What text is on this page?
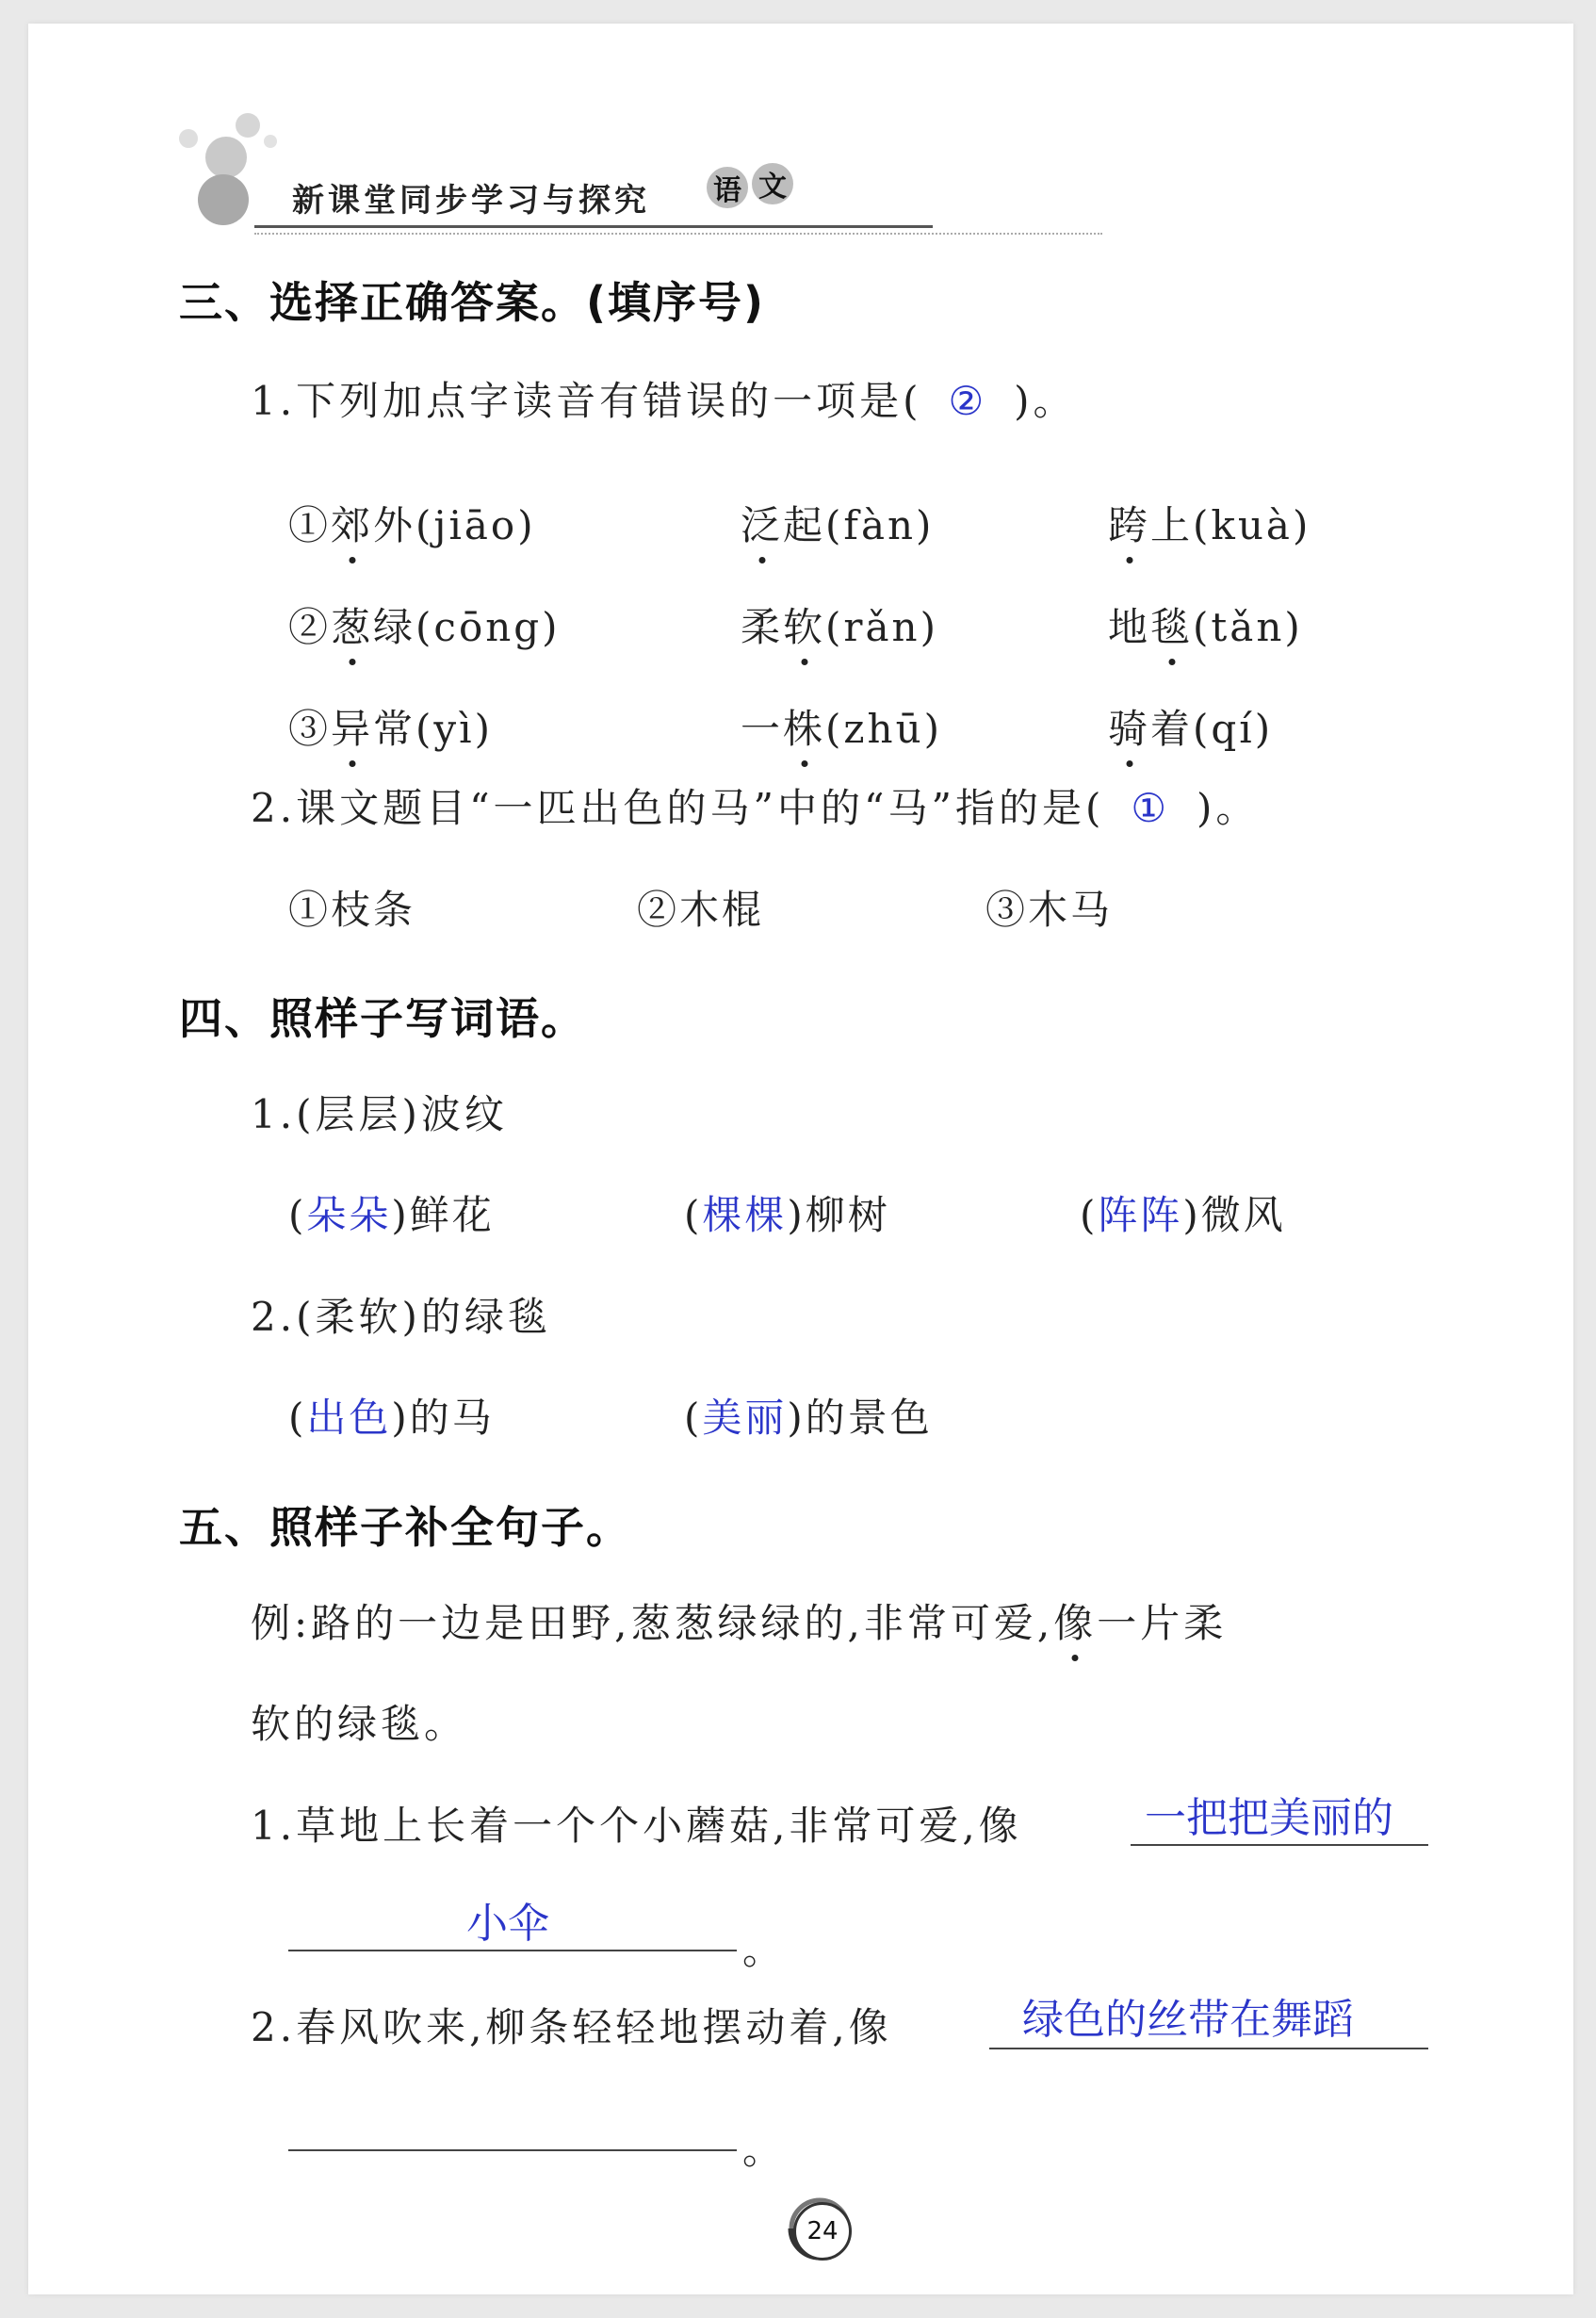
新课堂同步学习与探究 语 文
三、选择正确答案。(填序号)
1.下列加点字读音有错误的一项是( ② )。
①郊外(jiāo)	泛起(fàn)	跨上(kuà)
②葱绿(cōng)	柔软(rǎn)	地毯(tǎn)
③异常(yì)	一株(zhū)	骑着(qí)
2.课文题目“一匹出色的马”中的“马”指的是( ① )。
①枝条	②木棍	③木马
四、照样子写词语。
1.(层层)波纹
(朵朵)鲜花	(棵棵)柳树	(阵阵)微风
2.(柔软)的绿毯
(出色)的马	(美丽)的景色
五、照样子补全句子。
例:路的一边是田野,葱葱绿绿的,非常可爱,像一片柔
软的绿毯。
1.草地上长着一个个小蘑菇,非常可爱,像	一把把美丽的
小伞
。
2.春风吹来,柳条轻轻地摆动着,像	绿色的丝带在舞蹈
。
24
